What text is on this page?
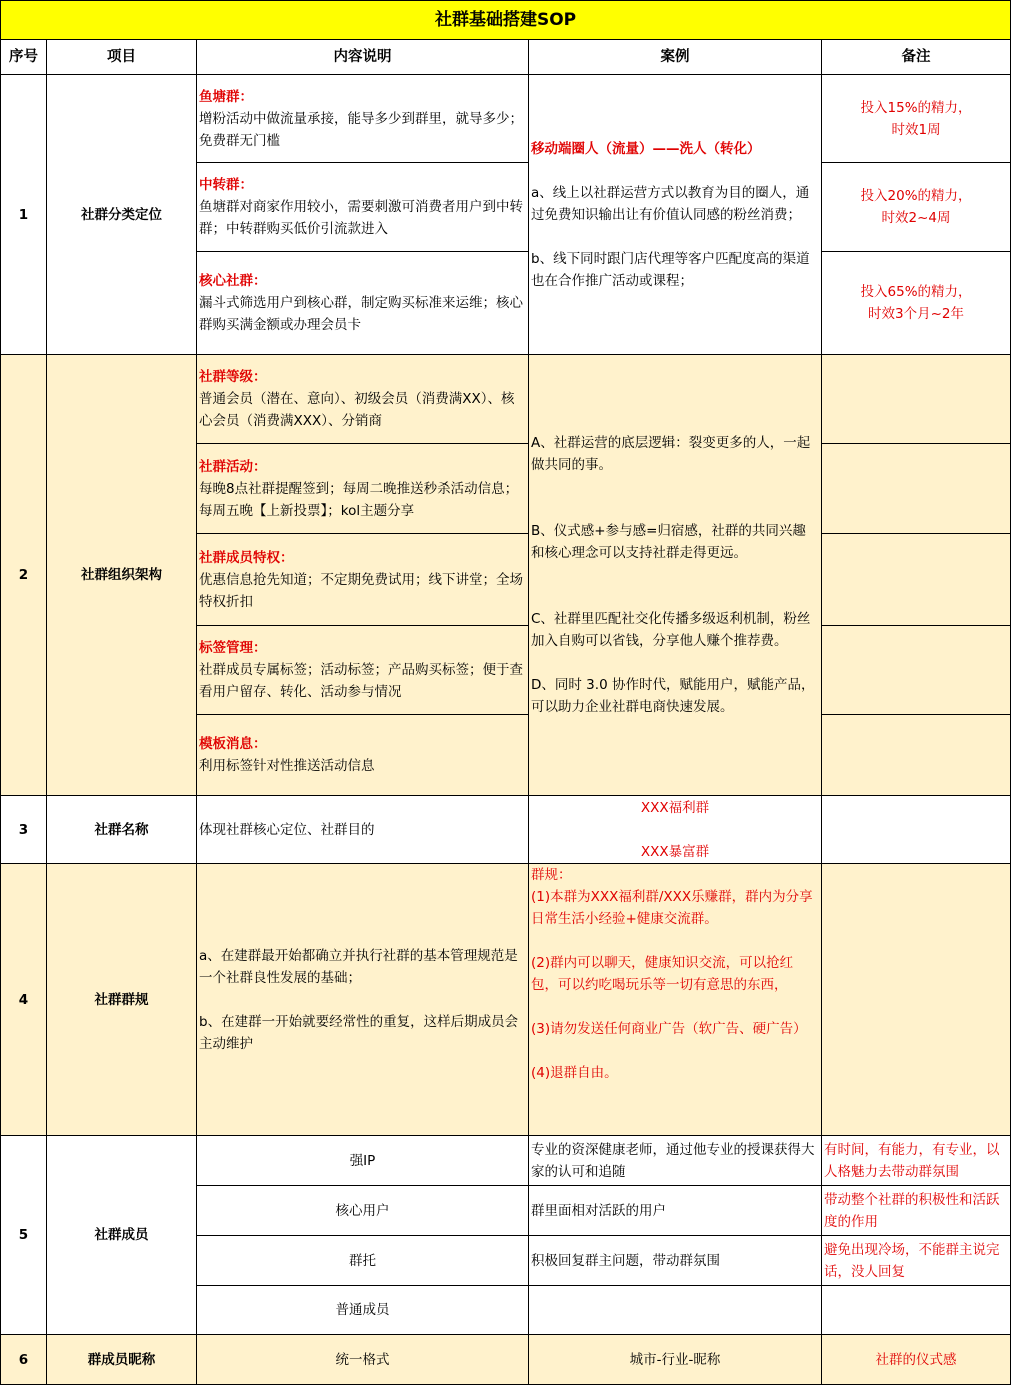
社群基础搭建SOP				
序号	项目	内容说明	案例	备注
1	社群分类定位	鱼塘群：
增粉活动中做流量承接，能导多少到群里，就导多少；免费群无门槛	移动端圈人（流量）——洗人（转化）
a、线上以社群运营方式以教育为目的圈人，通过免费知识输出让有价值认同感的粉丝消费；
b、线下同时跟门店代理等客户匹配度高的渠道也在合作推广活动或课程；	投入15%的精力，
时效1周

		中转群：
鱼塘群对商家作用较小，需要刺激可消费者用户到中转群；中转群购买低价引流款进入		投入20%的精力，
时效2~4周

		核心社群：
漏斗式筛选用户到核心群，制定购买标准来运维；核心群购买满金额或办理会员卡		投入65%的精力，
时效3个月~2年

2	社群组织架构	社群等级：
普通会员（潜在、意向）、初级会员（消费满XX）、核心会员（消费满XXX）、分销商	A、社群运营的底层逻辑：裂变更多的人，一起做共同的事。
B、仪式感+参与感=归宿感，社群的共同兴趣和核心理念可以支持社群走得更远。
C、社群里匹配社交化传播多级返利机制，粉丝加入自购可以省钱，分享他人赚个推荐费。
D、同时 3.0 协作时代，赋能用户，赋能产品，可以助力企业社群电商快速发展。	

		社群活动：
每晚8点社群提醒签到；每周二晚推送秒杀活动信息；每周五晚【上新投票】；kol主题分享		

		社群成员特权：
优惠信息抢先知道；不定期免费试用；线下讲堂；全场特权折扣		

		标签管理：
社群成员专属标签；活动标签；产品购买标签；便于查看用户留存、转化、活动参与情况		

		模板消息：
利用标签针对性推送活动信息		

3	社群名称	体现社群核心定位、社群目的	XXX福利群
XXX暴富群	

4	社群群规	a、在建群最开始都确立并执行社群的基本管理规范是一个社群良性发展的基础；
b、在建群一开始就要经常性的重复，这样后期成员会主动维护	群规：
(1)本群为XXX福利群/XXX乐赚群，群内为分享日常生活小经验+健康交流群。
(2)群内可以聊天，健康知识交流，可以抢红包，可以约吃喝玩乐等一切有意思的东西，
(3)请勿发送任何商业广告（软广告、硬广告）
(4)退群自由。	

5	社群成员	强IP	专业的资深健康老师，通过他专业的授课获得大家的认可和追随	有时间，有能力，有专业，以人格魅力去带动群氛围
		核心用户	群里面相对活跃的用户	带动整个社群的积极性和活跃度的作用
		群托	积极回复群主问题，带动群氛围	避免出现冷场，不能群主说完话，没人回复
		普通成员		
6	群成员昵称	统一格式	城市-行业-昵称	社群的仪式感
